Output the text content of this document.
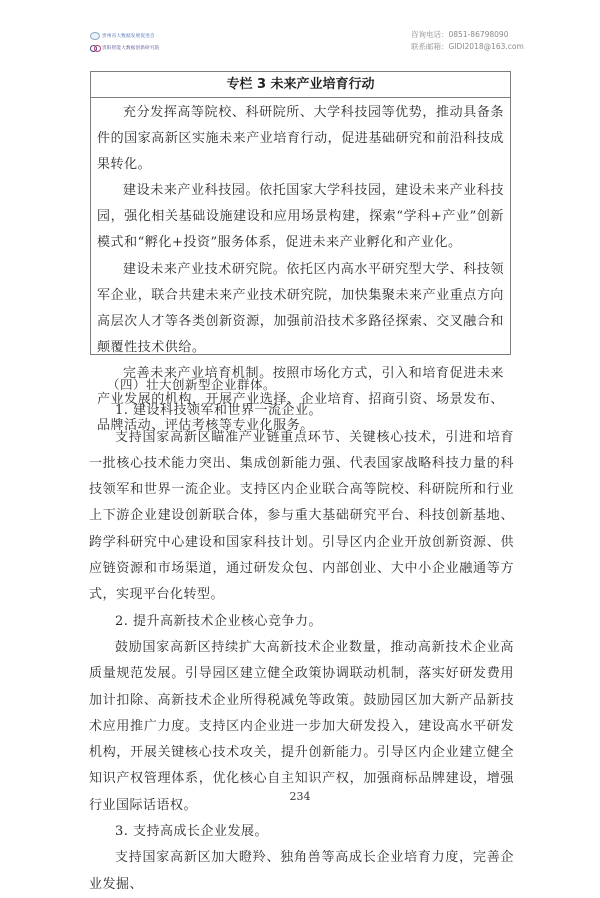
贵州省大数据发展促进会
贵阳智能大数据创新研究院
咨询电话：0851-86798090
联系邮箱：GIDI2018@163.com
专栏 3 未来产业培育行动

充分发挥高等院校、科研院所、大学科技园等优势，推动具备条件的国家高新区实施未来产业培育行动，促进基础研究和前沿科技成果转化。

建设未来产业科技园。依托国家大学科技园，建设未来产业科技园，强化相关基础设施建设和应用场景构建，探索“学科+产业”创新模式和“孵化+投资”服务体系，促进未来产业孵化和产业化。

建设未来产业技术研究院。依托区内高水平研究型大学、科技领军企业，联合共建未来产业技术研究院，加快集聚未来产业重点方向高层次人才等各类创新资源，加强前沿技术多路径探索、交叉融合和颠覆性技术供给。

完善未来产业培育机制。按照市场化方式，引入和培育促进未来产业发展的机构，开展产业选择、企业培育、招商引资、场景发布、品牌活动、评估考核等专业化服务。

（四）壮大创新型企业群体。

1. 建设科技领军和世界一流企业。

支持国家高新区瞄准产业链重点环节、关键核心技术，引进和培育一批核心技术能力突出、集成创新能力强、代表国家战略科技力量的科技领军和世界一流企业。支持区内企业联合高等院校、科研院所和行业上下游企业建设创新联合体，参与重大基础研究平台、科技创新基地、跨学科研究中心建设和国家科技计划。引导区内企业开放创新资源、供应链资源和市场渠道，通过研发众包、内部创业、大中小企业融通等方式，实现平台化转型。

2. 提升高新技术企业核心竞争力。

鼓励国家高新区持续扩大高新技术企业数量，推动高新技术企业高质量规范发展。引导园区建立健全政策协调联动机制，落实好研发费用加计扣除、高新技术企业所得税减免等政策。鼓励园区加大新产品新技术应用推广力度。支持区内企业进一步加大研发投入，建设高水平研发机构，开展关键核心技术攻关，提升创新能力。引导区内企业建立健全知识产权管理体系，优化核心自主知识产权，加强商标品牌建设，增强行业国际话语权。

3. 支持高成长企业发展。

支持国家高新区加大瞪羚、独角兽等高成长企业培育力度，完善企业发掘、

234
